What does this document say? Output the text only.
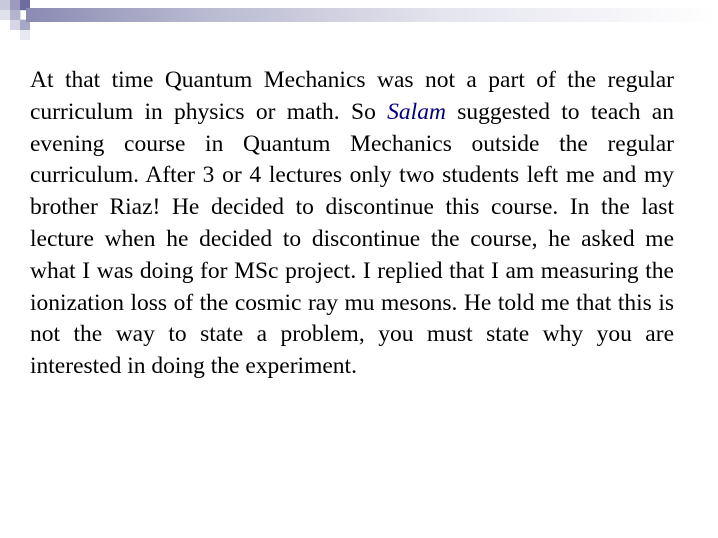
At that time Quantum Mechanics was not a part of the regular curriculum in physics or math. So Salam suggested to teach an evening course in Quantum Mechanics outside the regular curriculum. After 3 or 4 lectures only two students left me and my brother Riaz! He decided to discontinue this course. In the last lecture when he decided to discontinue the course, he asked me what I was doing for MSc project. I replied that I am measuring the ionization loss of the cosmic ray mu mesons. He told me that this is not the way to state a problem, you must state why you are interested in doing the experiment.
